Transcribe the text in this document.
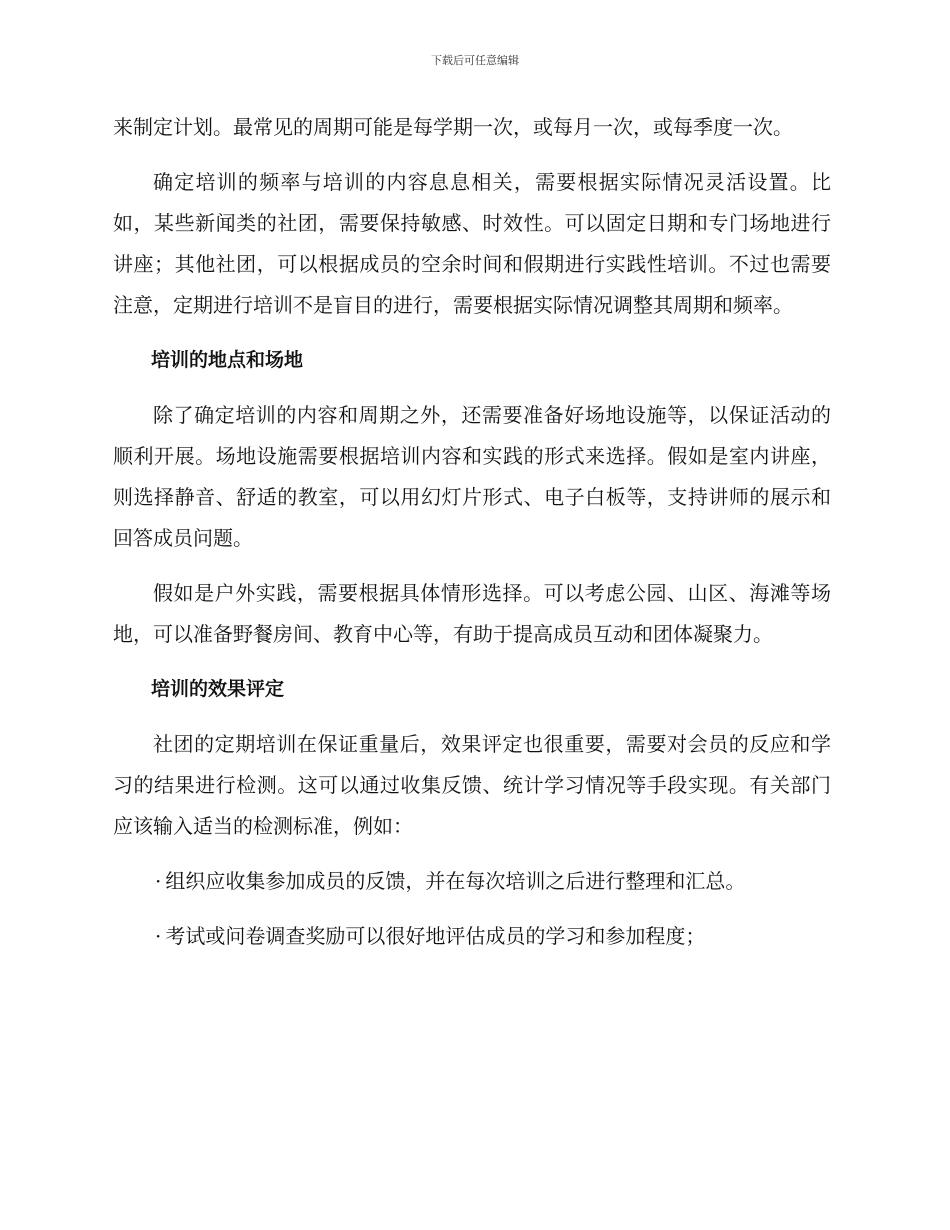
下载后可任意编辑

来制定计划。最常见的周期可能是每学期一次，或每月一次，或每季度一次。

确定培训的频率与培训的内容息息相关，需要根据实际情况灵活设置。比如，某些新闻类的社团，需要保持敏感、时效性。可以固定日期和专门场地进行讲座；其他社团，可以根据成员的空余时间和假期进行实践性培训。不过也需要注意，定期进行培训不是盲目的进行，需要根据实际情况调整其周期和频率。

培训的地点和场地

除了确定培训的内容和周期之外，还需要准备好场地设施等，以保证活动的顺利开展。场地设施需要根据培训内容和实践的形式来选择。假如是室内讲座，则选择静音、舒适的教室，可以用幻灯片形式、电子白板等，支持讲师的展示和回答成员问题。

假如是户外实践，需要根据具体情形选择。可以考虑公园、山区、海滩等场地，可以准备野餐房间、教育中心等，有助于提高成员互动和团体凝聚力。

培训的效果评定

社团的定期培训在保证重量后，效果评定也很重要，需要对会员的反应和学习的结果进行检测。这可以通过收集反馈、统计学习情况等手段实现。有关部门应该输入适当的检测标准，例如：

· 组织应收集参加成员的反馈，并在每次培训之后进行整理和汇总。

· 考试或问卷调查奖励可以很好地评估成员的学习和参加程度；
